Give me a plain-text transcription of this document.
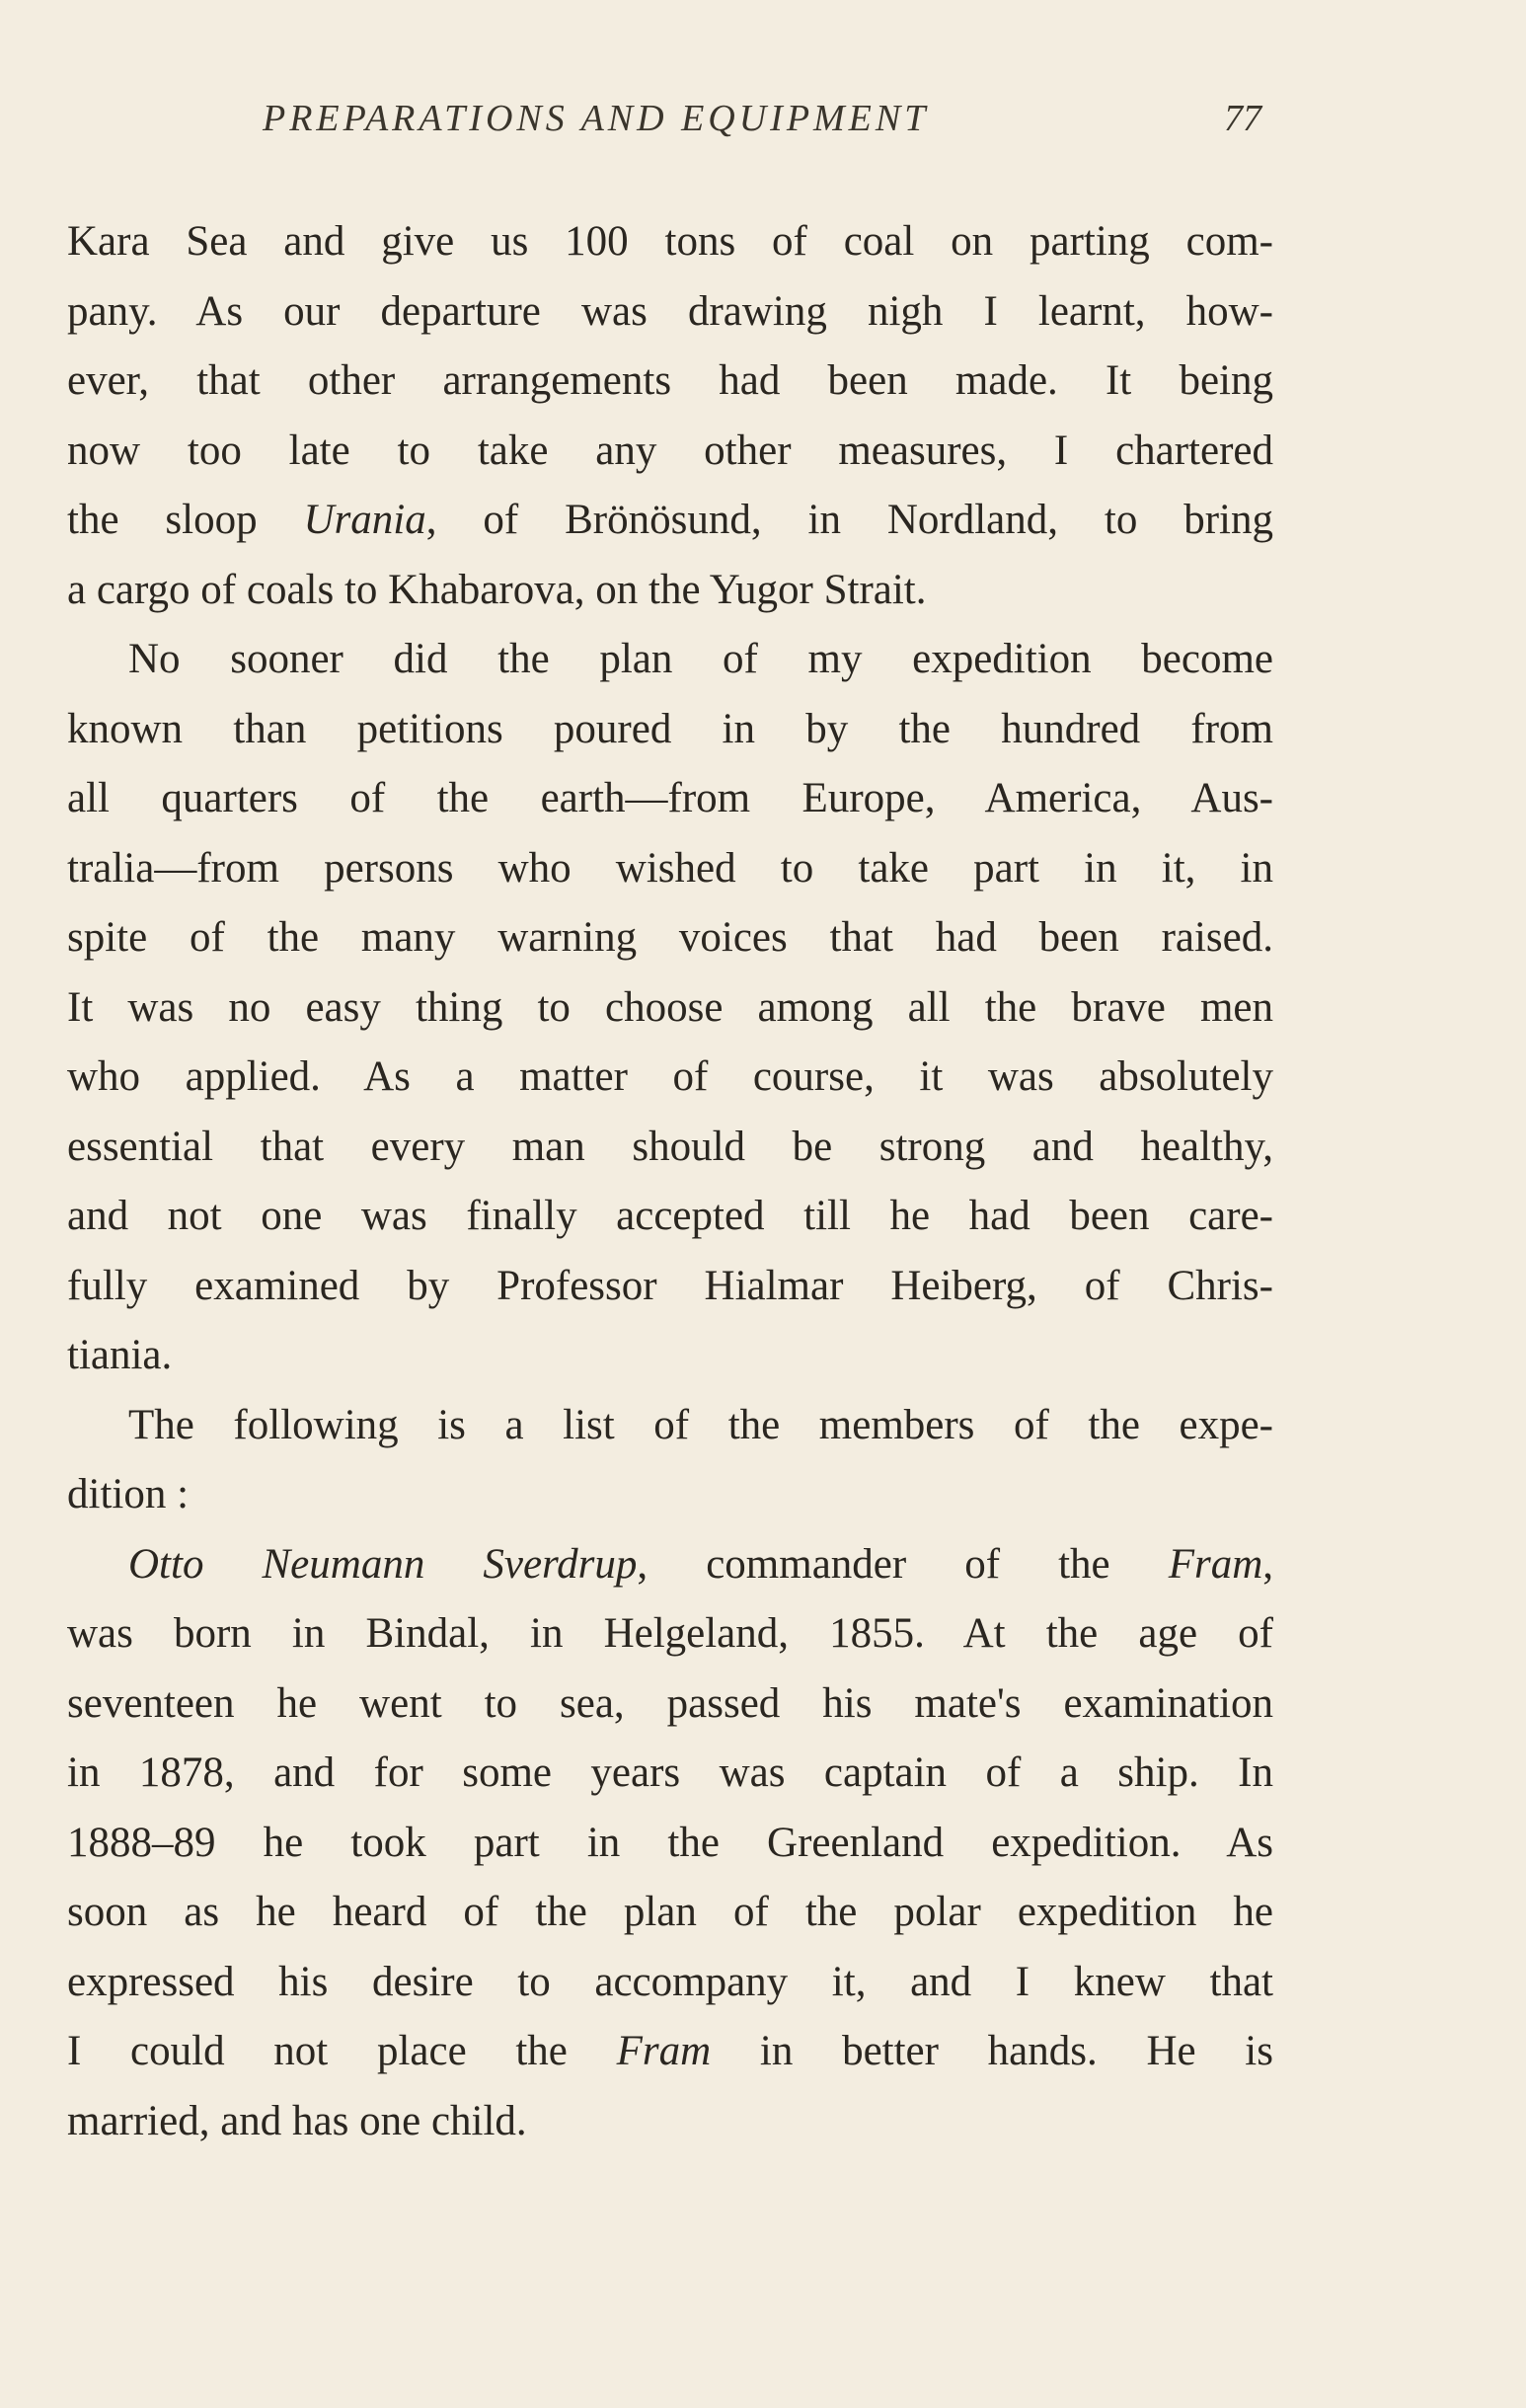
PREPARATIONS AND EQUIPMENT	77
Kara Sea and give us 100 tons of coal on parting com-
pany. As our departure was drawing nigh I learnt, how-
ever, that other arrangements had been made. It being
now too late to take any other measures, I chartered
the sloop Urania, of Brönösund, in Nordland, to bring
a cargo of coals to Khabarova, on the Yugor Strait.
No sooner did the plan of my expedition become
known than petitions poured in by the hundred from
all quarters of the earth—from Europe, America, Aus-
tralia—from persons who wished to take part in it, in
spite of the many warning voices that had been raised.
It was no easy thing to choose among all the brave men
who applied. As a matter of course, it was absolutely
essential that every man should be strong and healthy,
and not one was finally accepted till he had been care-
fully examined by Professor Hialmar Heiberg, of Chris-
tiania.
The following is a list of the members of the expe-
dition :
Otto Neumann Sverdrup, commander of the Fram,
was born in Bindal, in Helgeland, 1855. At the age of
seventeen he went to sea, passed his mate's examination
in 1878, and for some years was captain of a ship. In
1888–89 he took part in the Greenland expedition. As
soon as he heard of the plan of the polar expedition he
expressed his desire to accompany it, and I knew that
I could not place the Fram in better hands. He is
married, and has one child.
